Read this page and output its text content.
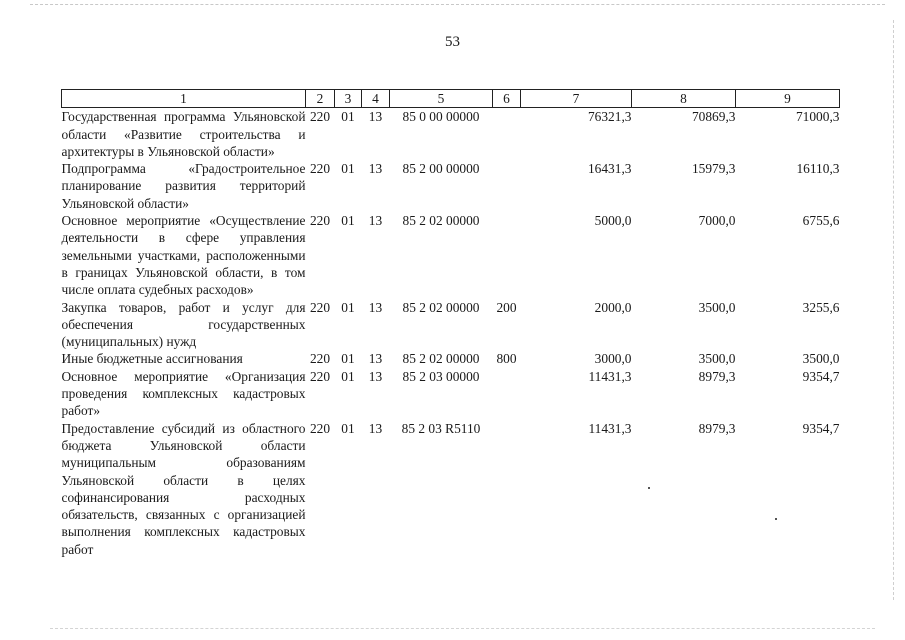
53
1	2	3	4	5	6	7	8	9
Государственная программа Ульяновской области «Развитие строительства и архитектуры в Ульяновской области»	220	01	13	85 0 00 00000		76321,3	70869,3	71000,3
Подпрограмма «Градостроительное планирование развития территорий Ульяновской области»	220	01	13	85 2 00 00000		16431,3	15979,3	16110,3
Основное мероприятие «Осуществление деятельности в сфере управления земельными участками, расположенными в границах Ульяновской области, в том числе оплата судебных расходов»	220	01	13	85 2 02 00000		5000,0	7000,0	6755,6
Закупка товаров, работ и услуг для обеспечения государственных (муниципальных) нужд	220	01	13	85 2 02 00000	200	2000,0	3500,0	3255,6
Иные бюджетные ассигнования	220	01	13	85 2 02 00000	800	3000,0	3500,0	3500,0
Основное мероприятие «Организация проведения комплексных кадастровых работ»	220	01	13	85 2 03 00000		11431,3	8979,3	9354,7
Предоставление субсидий из областного бюджета Ульяновской области муниципальным образованиям Ульяновской области в целях софинансирования расходных обязательств, связанных с организацией выполнения комплексных кадастровых работ	220	01	13	85 2 03 R5110		11431,3	8979,3	9354,7
